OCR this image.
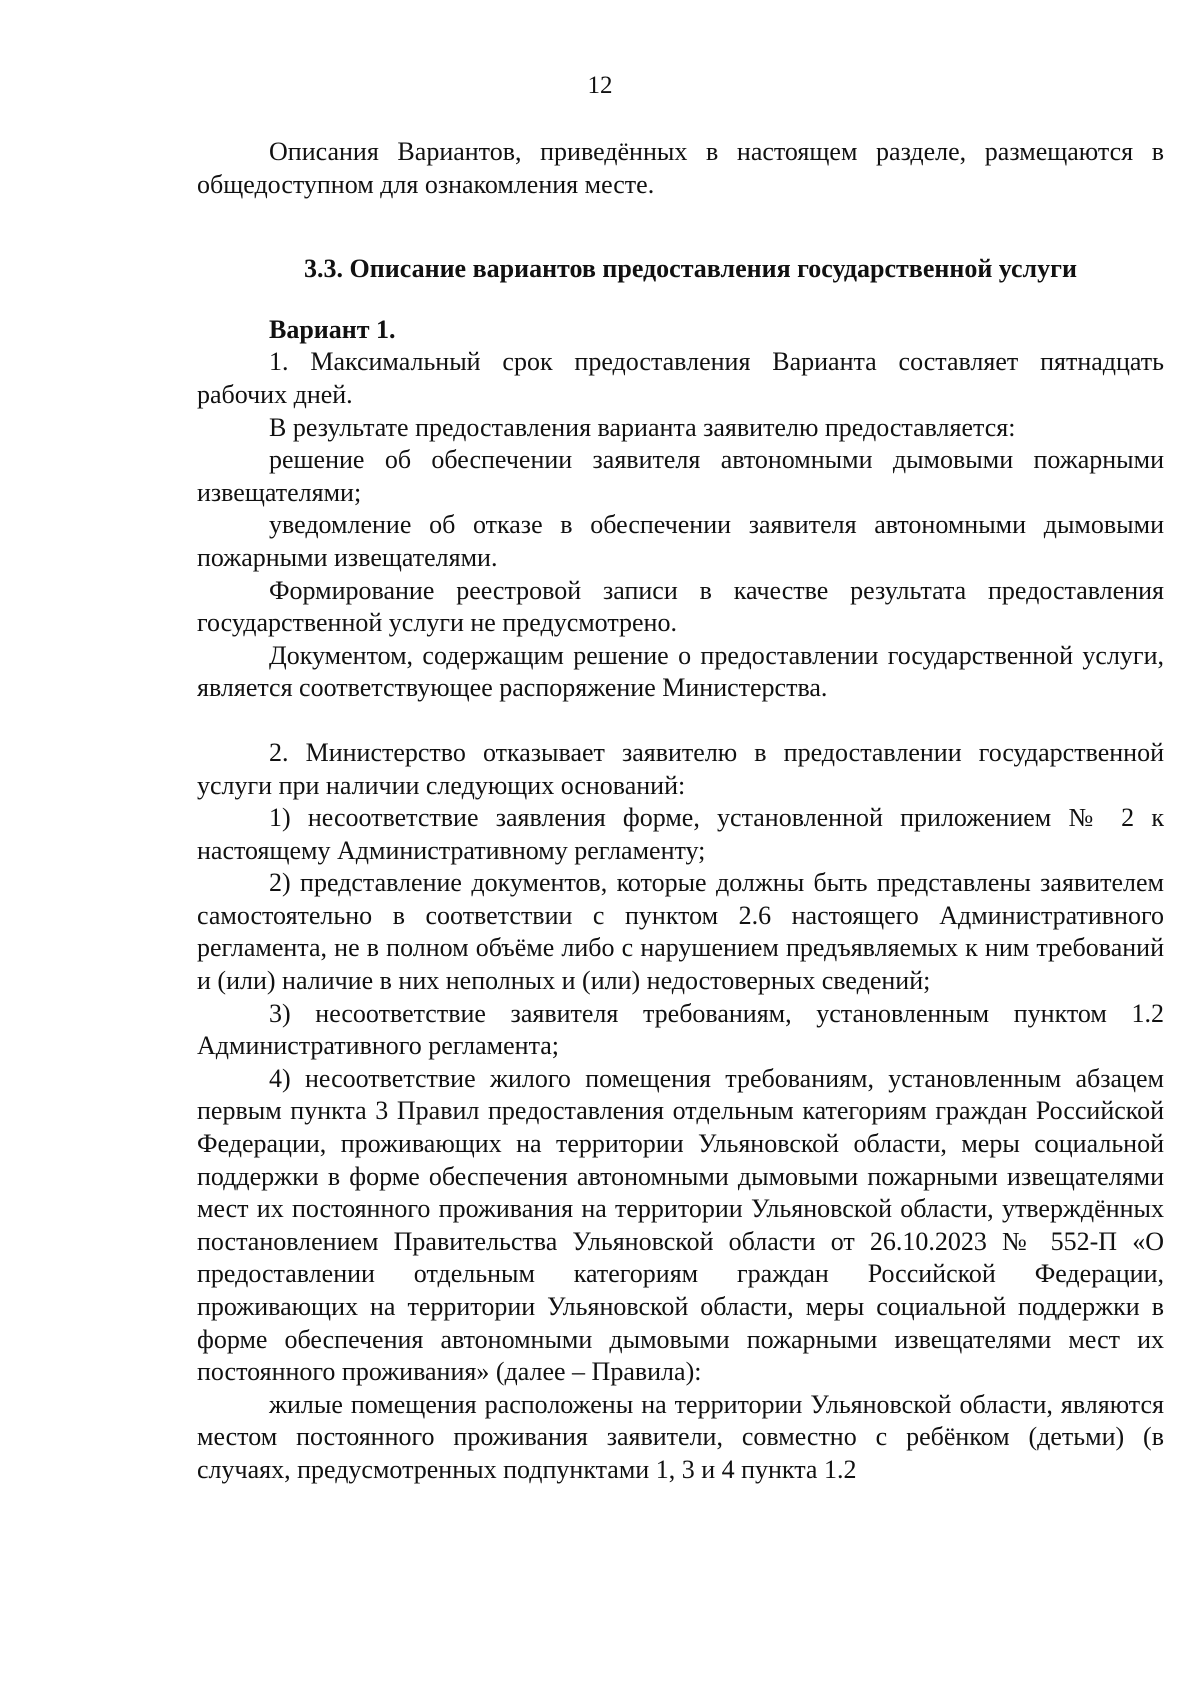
12

Описания Вариантов, приведённых в настоящем разделе, размещаются в общедоступном для ознакомления месте.

3.3. Описание вариантов предоставления государственной услуги

Вариант 1.

1. Максимальный срок предоставления Варианта составляет пятнадцать рабочих дней.

В результате предоставления варианта заявителю предоставляется:

решение об обеспечении заявителя автономными дымовыми пожарными извещателями;

уведомление об отказе в обеспечении заявителя автономными дымовыми пожарными извещателями.

Формирование реестровой записи в качестве результата предоставления государственной услуги не предусмотрено.

Документом, содержащим решение о предоставлении государственной услуги, является соответствующее распоряжение Министерства.

2. Министерство отказывает заявителю в предоставлении государственной услуги при наличии следующих оснований:

1) несоответствие заявления форме, установленной приложением № 2 к настоящему Административному регламенту;

2) представление документов, которые должны быть представлены заявителем самостоятельно в соответствии с пунктом 2.6 настоящего Административного регламента, не в полном объёме либо с нарушением предъявляемых к ним требований и (или) наличие в них неполных и (или) недостоверных сведений;

3) несоответствие заявителя требованиям, установленным пунктом 1.2 Административного регламента;

4) несоответствие жилого помещения требованиям, установленным абзацем первым пункта 3 Правил предоставления отдельным категориям граждан Российской Федерации, проживающих на территории Ульяновской области, меры социальной поддержки в форме обеспечения автономными дымовыми пожарными извещателями мест их постоянного проживания на территории Ульяновской области, утверждённых постановлением Правительства Ульяновской области от 26.10.2023 № 552-П «О предоставлении отдельным категориям граждан Российской Федерации, проживающих на территории Ульяновской области, меры социальной поддержки в форме обеспечения автономными дымовыми пожарными извещателями мест их постоянного проживания» (далее – Правила):

жилые помещения расположены на территории Ульяновской области, являются местом постоянного проживания заявители, совместно с ребёнком (детьми) (в случаях, предусмотренных подпунктами 1, 3 и 4 пункта 1.2
